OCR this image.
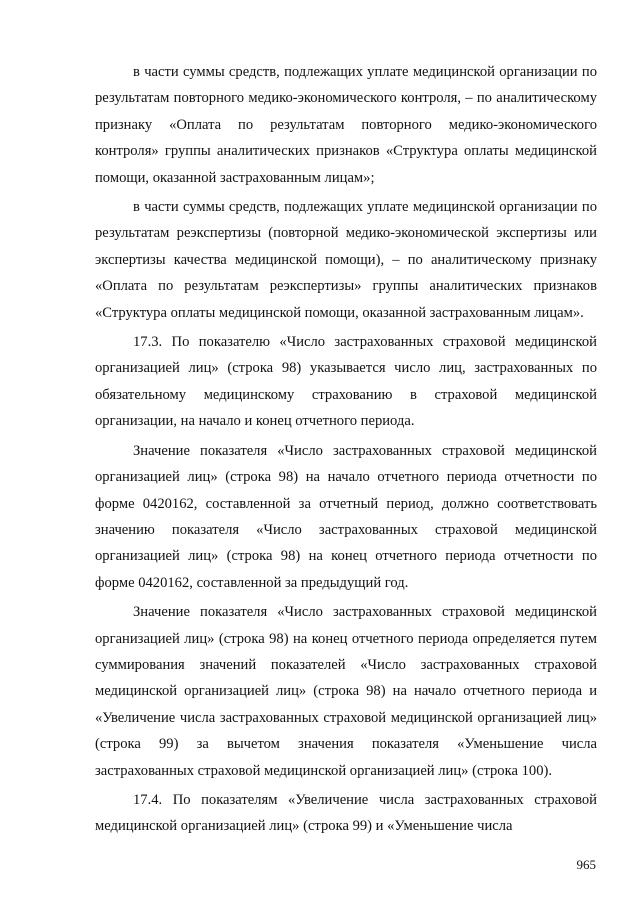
в части суммы средств, подлежащих уплате медицинской организации по результатам повторного медико-экономического контроля, – по аналитическому признаку «Оплата по результатам повторного медико-экономического контроля» группы аналитических признаков «Структура оплаты медицинской помощи, оказанной застрахованным лицам»;

в части суммы средств, подлежащих уплате медицинской организации по результатам реэкспертизы (повторной медико-экономической экспертизы или экспертизы качества медицинской помощи), – по аналитическому признаку «Оплата по результатам реэкспертизы» группы аналитических признаков «Структура оплаты медицинской помощи, оказанной застрахованным лицам».

17.3. По показателю «Число застрахованных страховой медицинской организацией лиц» (строка 98) указывается число лиц, застрахованных по обязательному медицинскому страхованию в страховой медицинской организации, на начало и конец отчетного периода.

Значение показателя «Число застрахованных страховой медицинской организацией лиц» (строка 98) на начало отчетного периода отчетности по форме 0420162, составленной за отчетный период, должно соответствовать значению показателя «Число застрахованных страховой медицинской организацией лиц» (строка 98) на конец отчетного периода отчетности по форме 0420162, составленной за предыдущий год.

Значение показателя «Число застрахованных страховой медицинской организацией лиц» (строка 98) на конец отчетного периода определяется путем суммирования значений показателей «Число застрахованных страховой медицинской организацией лиц» (строка 98) на начало отчетного периода и «Увеличение числа застрахованных страховой медицинской организацией лиц» (строка 99) за вычетом значения показателя «Уменьшение числа застрахованных страховой медицинской организацией лиц» (строка 100).

17.4. По показателям «Увеличение числа застрахованных страховой медицинской организацией лиц» (строка 99) и «Уменьшение числа

965
